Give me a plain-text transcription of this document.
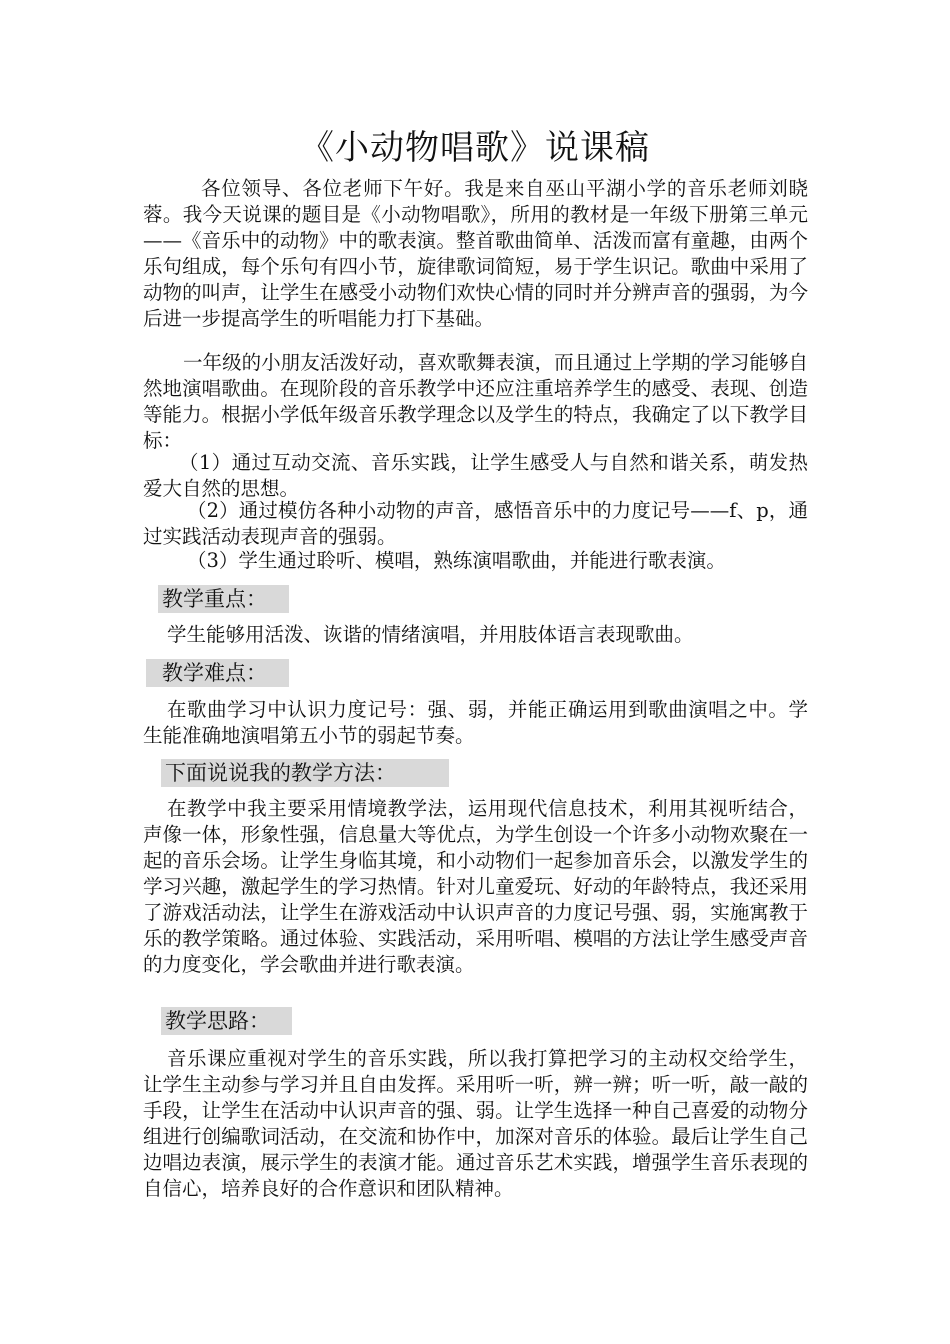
《小动物唱歌》说课稿

各位领导、各位老师下午好。我是来自巫山平湖小学的音乐老师刘晓蓉。我今天说课的题目是《小动物唱歌》，所用的教材是一年级下册第三单元——《音乐中的动物》中的歌表演。整首歌曲简单、活泼而富有童趣，由两个乐句组成，每个乐句有四小节，旋律歌词简短，易于学生识记。歌曲中采用了动物的叫声，让学生在感受小动物们欢快心情的同时并分辨声音的强弱，为今后进一步提高学生的听唱能力打下基础。

一年级的小朋友活泼好动，喜欢歌舞表演，而且通过上学期的学习能够自然地演唱歌曲。在现阶段的音乐教学中还应注重培养学生的感受、表现、创造等能力。根据小学低年级音乐教学理念以及学生的特点，我确定了以下教学目标：

（1）通过互动交流、音乐实践，让学生感受人与自然和谐关系，萌发热爱大自然的思想。

（2）通过模仿各种小动物的声音，感悟音乐中的力度记号——f、p，通过实践活动表现声音的强弱。

（3）学生通过聆听、模唱，熟练演唱歌曲，并能进行歌表演。

教学重点：

学生能够用活泼、诙谐的情绪演唱，并用肢体语言表现歌曲。

教学难点：

在歌曲学习中认识力度记号：强、弱，并能正确运用到歌曲演唱之中。学生能准确地演唱第五小节的弱起节奏。

下面说说我的教学方法：

在教学中我主要采用情境教学法，运用现代信息技术，利用其视听结合，声像一体，形象性强，信息量大等优点，为学生创设一个许多小动物欢聚在一起的音乐会场。让学生身临其境，和小动物们一起参加音乐会，以激发学生的学习兴趣，激起学生的学习热情。针对儿童爱玩、好动的年龄特点，我还采用了游戏活动法，让学生在游戏活动中认识声音的力度记号强、弱，实施寓教于乐的教学策略。通过体验、实践活动，采用听唱、模唱的方法让学生感受声音的力度变化，学会歌曲并进行歌表演。

教学思路：

音乐课应重视对学生的音乐实践，所以我打算把学习的主动权交给学生，让学生主动参与学习并且自由发挥。采用听一听，辨一辨；听一听，敲一敲的手段，让学生在活动中认识声音的强、弱。让学生选择一种自己喜爱的动物分组进行创编歌词活动，在交流和协作中，加深对音乐的体验。最后让学生自己边唱边表演，展示学生的表演才能。通过音乐艺术实践，增强学生音乐表现的自信心，培养良好的合作意识和团队精神。
